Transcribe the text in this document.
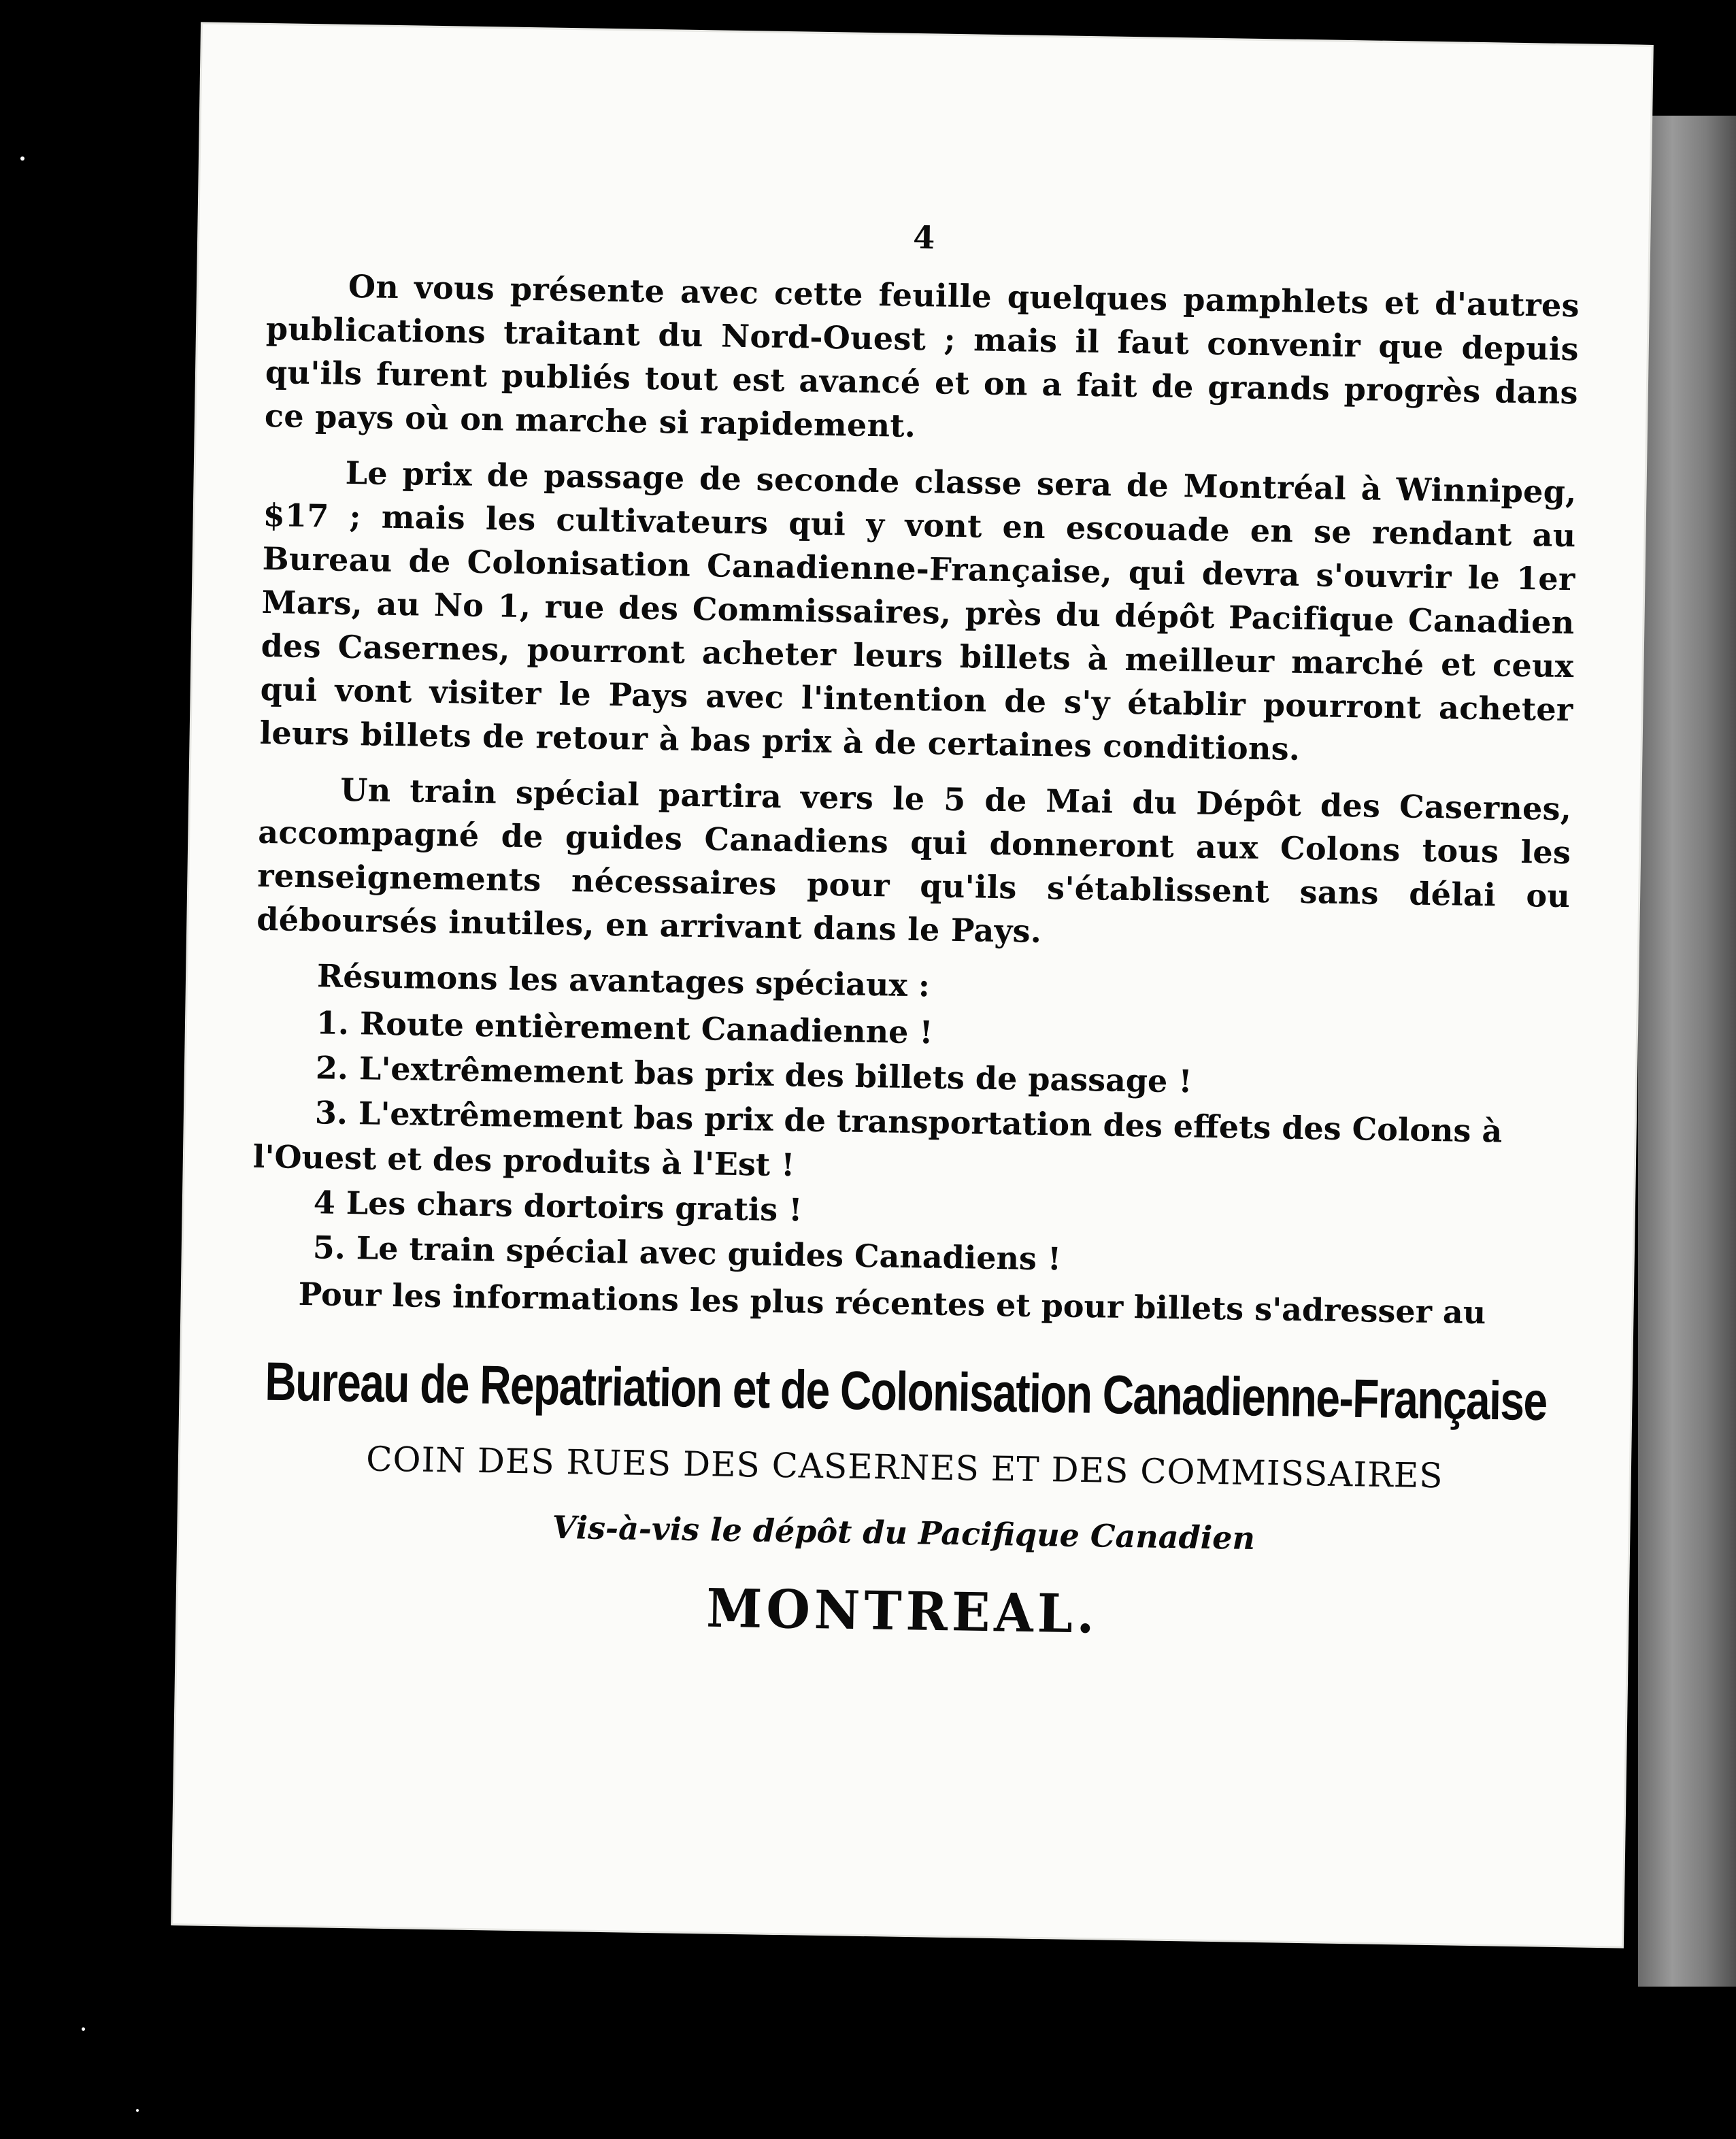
4

On vous présente avec cette feuille quelques pamphlets et d'autres publications traitant du Nord-Ouest ; mais il faut convenir que depuis qu'ils furent publiés tout est avancé et on a fait de grands progrès dans ce pays où on marche si rapidement.

Le prix de passage de seconde classe sera de Montréal à Winnipeg, $17 ; mais les cultivateurs qui y vont en escouade en se rendant au Bureau de Colonisation Canadienne-Française, qui devra s'ouvrir le 1er Mars, au No 1, rue des Commissaires, près du dépôt Pacifique Canadien des Casernes, pourront acheter leurs billets à meilleur marché et ceux qui vont visiter le Pays avec l'intention de s'y établir pourront acheter leurs billets de retour à bas prix à de certaines conditions.

Un train spécial partira vers le 5 de Mai du Dépôt des Casernes, accompagné de guides Canadiens qui donneront aux Colons tous les renseignements nécessaires pour qu'ils s'établissent sans délai ou déboursés inutiles, en arrivant dans le Pays.

Résumons les avantages spéciaux :
1. Route entièrement Canadienne !
2. L'extrêmement bas prix des billets de passage !
3. L'extrêmement bas prix de transportation des effets des Colons à l'Ouest et des produits à l'Est !
4 Les chars dortoirs gratis !
5. Le train spécial avec guides Canadiens !
Pour les informations les plus récentes et pour billets s'adresser au
Bureau de Repatriation et de Colonisation Canadienne-Française
COIN DES RUES DES CASERNES ET DES COMMISSAIRES
Vis-à-vis le dépôt du Pacifique Canadien
MONTREAL.
